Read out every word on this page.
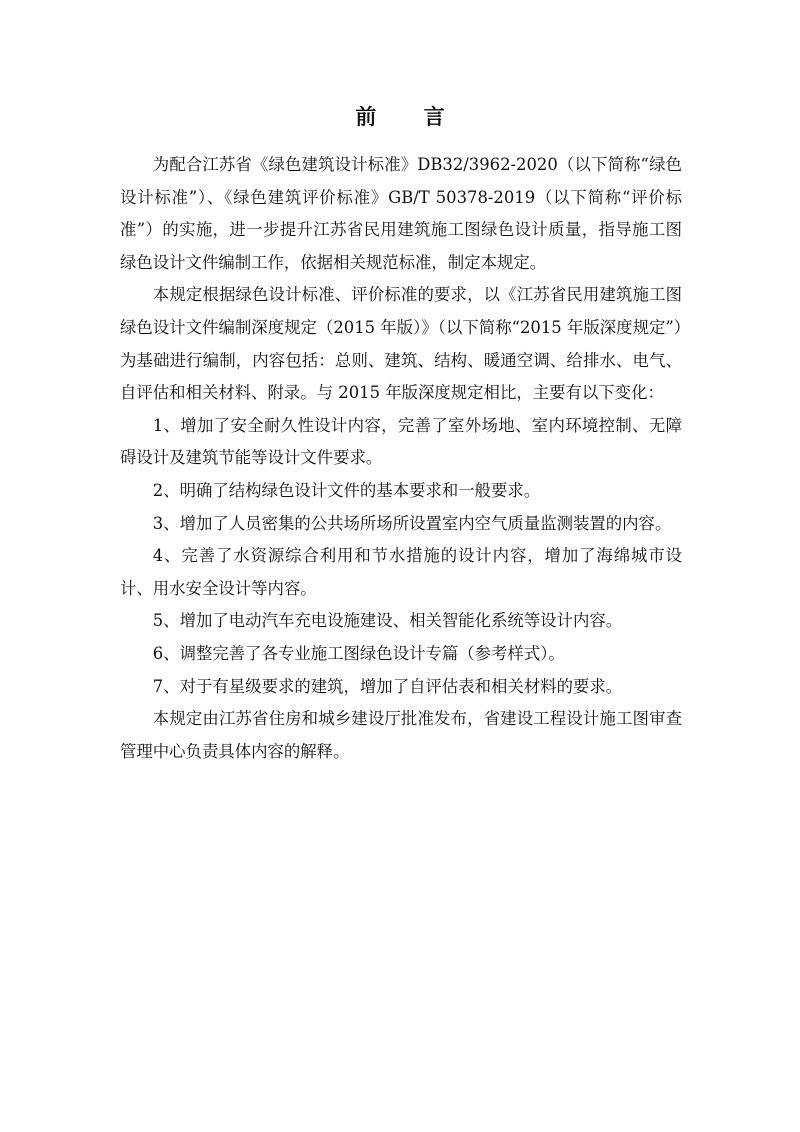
前 言

为配合江苏省《绿色建筑设计标准》DB32/3962-2020（以下简称“绿色设计标准”）、《绿色建筑评价标准》GB/T 50378-2019（以下简称“评价标准”）的实施，进一步提升江苏省民用建筑施工图绿色设计质量，指导施工图绿色设计文件编制工作，依据相关规范标准，制定本规定。

本规定根据绿色设计标准、评价标准的要求，以《江苏省民用建筑施工图绿色设计文件编制深度规定（2015 年版）》（以下简称“2015 年版深度规定”）为基础进行编制，内容包括：总则、建筑、结构、暖通空调、给排水、电气、自评估和相关材料、附录。与 2015 年版深度规定相比，主要有以下变化：

1、增加了安全耐久性设计内容，完善了室外场地、室内环境控制、无障碍设计及建筑节能等设计文件要求。

2、明确了结构绿色设计文件的基本要求和一般要求。

3、增加了人员密集的公共场所场所设置室内空气质量监测装置的内容。

4、完善了水资源综合利用和节水措施的设计内容，增加了海绵城市设计、用水安全设计等内容。

5、增加了电动汽车充电设施建设、相关智能化系统等设计内容。

6、调整完善了各专业施工图绿色设计专篇（参考样式）。

7、对于有星级要求的建筑，增加了自评估表和相关材料的要求。

本规定由江苏省住房和城乡建设厅批准发布，省建设工程设计施工图审查管理中心负责具体内容的解释。
